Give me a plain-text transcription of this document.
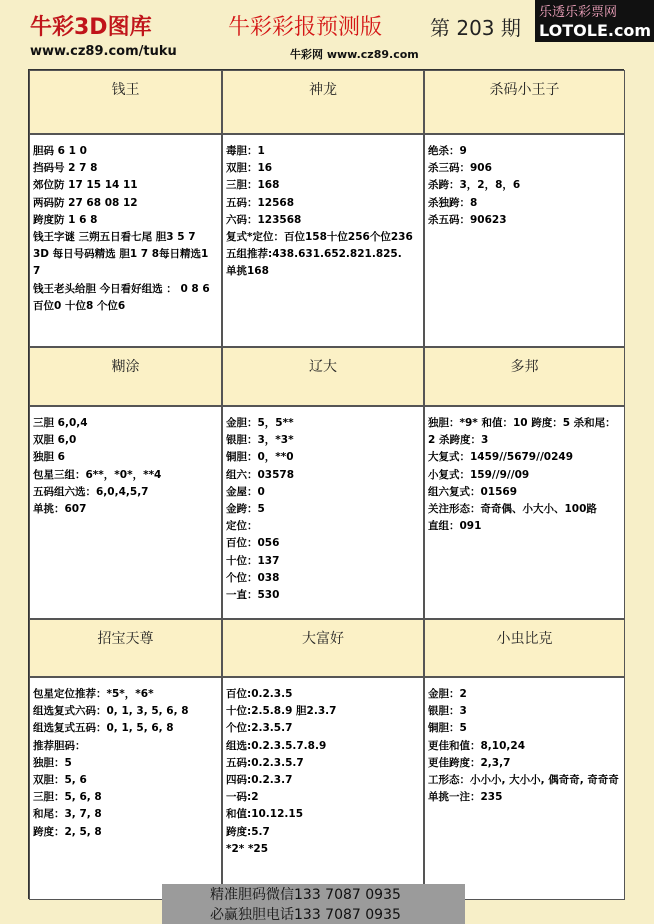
牛彩3D图库	牛彩彩报预测版 第 203 期
www.cz89.com/tuku	牛彩网 www.cz89.com
乐透乐彩票网
LOTOLE.com
钱王	神龙	杀码小王子
胆码 6 1 0
挡码号 2 7 8
郊位防 17 15 14 11
两码防 27 68 08 12
跨度防 1 6 8
钱王字谜 三朔五日看七尾 胆3 5 7
3D 每日号码精选 胆1 7 8每日精选1 7
钱王老头给胆 今日看好组选 ： 0 8 6百位0 十位8 个位6
毒胆：1
双胆：16
三胆：168
五码：12568
六码：123568
复式*定位：百位158十位256个位236
五组推荐:438.631.652.821.825.
单挑168
绝杀：9
杀三码：906
杀跨：3，2，8，6
杀独跨：8
杀五码：90623
糊涂	辽大	多邦
三胆 6,0,4
双胆 6,0
独胆 6
包星三组：6**，*0*，**4
五码组六选：6,0,4,5,7
单挑：607
金胆：5，5**
银胆：3，*3*
铜胆：0，**0
组六：03578
金屋：0
金跨：5
定位：
百位：056
十位：137
个位：038
一直：530
独胆：*9* 和值：10 跨度：5 杀和尾：2 杀跨度：3
大复式：1459//5679//0249
小复式：159//9//09
组六复式：01569
关注形态：奇奇偶、小大小、100路
直组：091
招宝天尊	大富好	小虫比克
包星定位推荐：*5*，*6*
组选复式六码：0, 1, 3, 5, 6, 8
组选复式五码：0, 1, 5, 6, 8
推荐胆码：
独胆：5
双胆：5, 6
三胆：5, 6, 8
和尾：3, 7, 8
跨度：2, 5, 8
百位:0.2.3.5
十位:2.5.8.9 胆2.3.7
个位:2.3.5.7
组选:0.2.3.5.7.8.9
五码:0.2.3.5.7
四码:0.2.3.7
一码:2
和值:10.12.15
跨度:5.7
*2* *25
金胆：2
银胆：3
铜胆：5
更佳和值：8,10,24
更佳跨度：2,3,7
工形态：小小小, 大小小, 偶奇奇, 奇奇奇
单挑一注：235
精准胆码微信133 7087 0935
必赢独胆电话133 7087 0935
